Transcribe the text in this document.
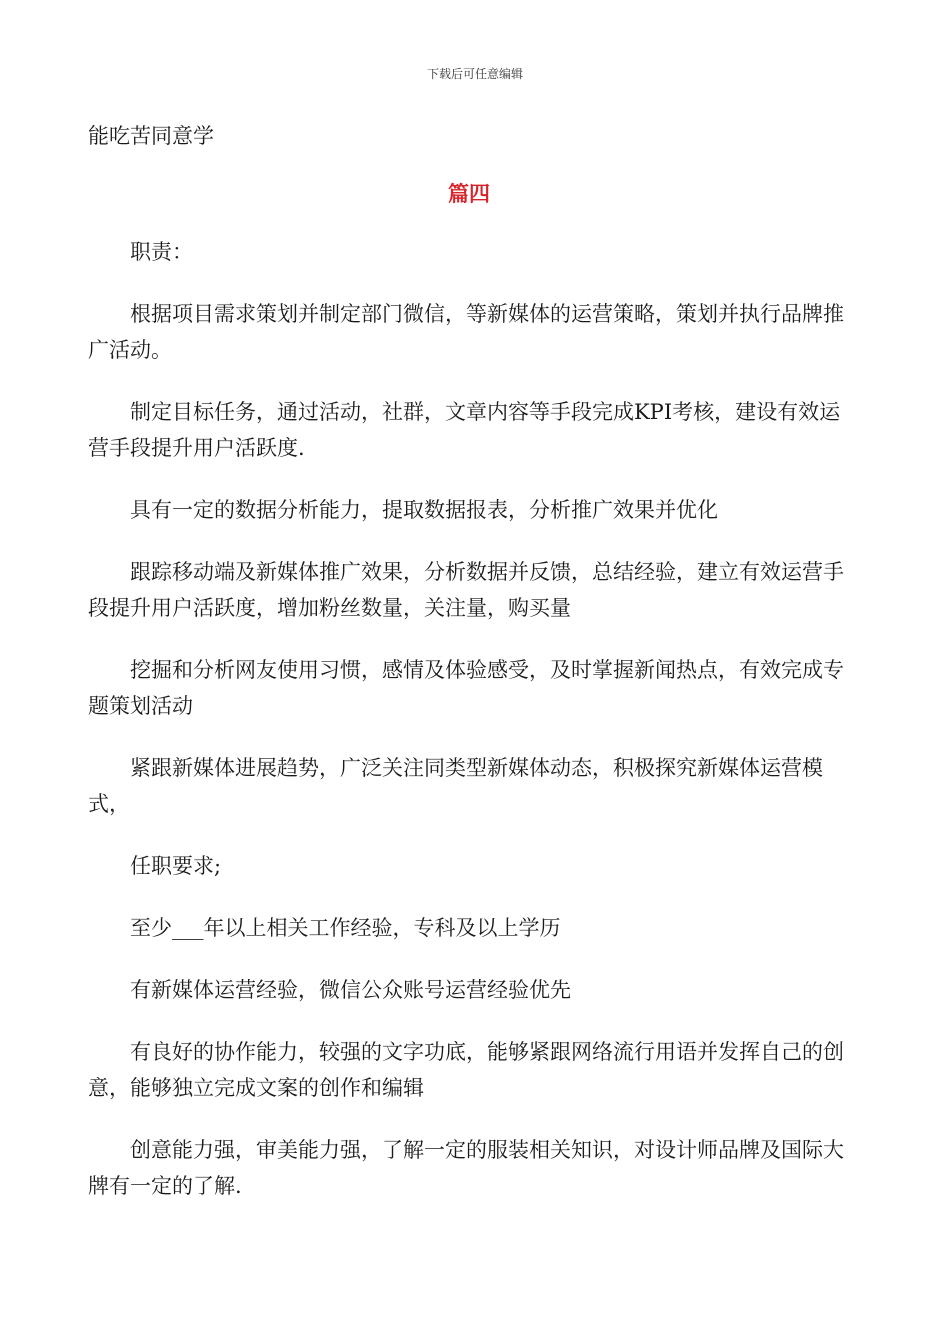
下载后可任意编辑

能吃苦同意学

篇四

职责：

根据项目需求策划并制定部门微信，等新媒体的运营策略，策划并执行品牌推广活动。

制定目标任务，通过活动，社群，文章内容等手段完成KPI考核，建设有效运营手段提升用户活跃度.

具有一定的数据分析能力，提取数据报表，分析推广效果并优化

跟踪移动端及新媒体推广效果，分析数据并反馈，总结经验，建立有效运营手段提升用户活跃度，增加粉丝数量，关注量，购买量

挖掘和分析网友使用习惯，感情及体验感受，及时掌握新闻热点，有效完成专题策划活动

紧跟新媒体进展趋势，广泛关注同类型新媒体动态，积极探究新媒体运营模式，

任职要求;

至少___年以上相关工作经验，专科及以上学历

有新媒体运营经验，微信公众账号运营经验优先

有良好的协作能力，较强的文字功底，能够紧跟网络流行用语并发挥自己的创意，能够独立完成文案的创作和编辑

创意能力强，审美能力强，了解一定的服装相关知识，对设计师品牌及国际大牌有一定的了解.
